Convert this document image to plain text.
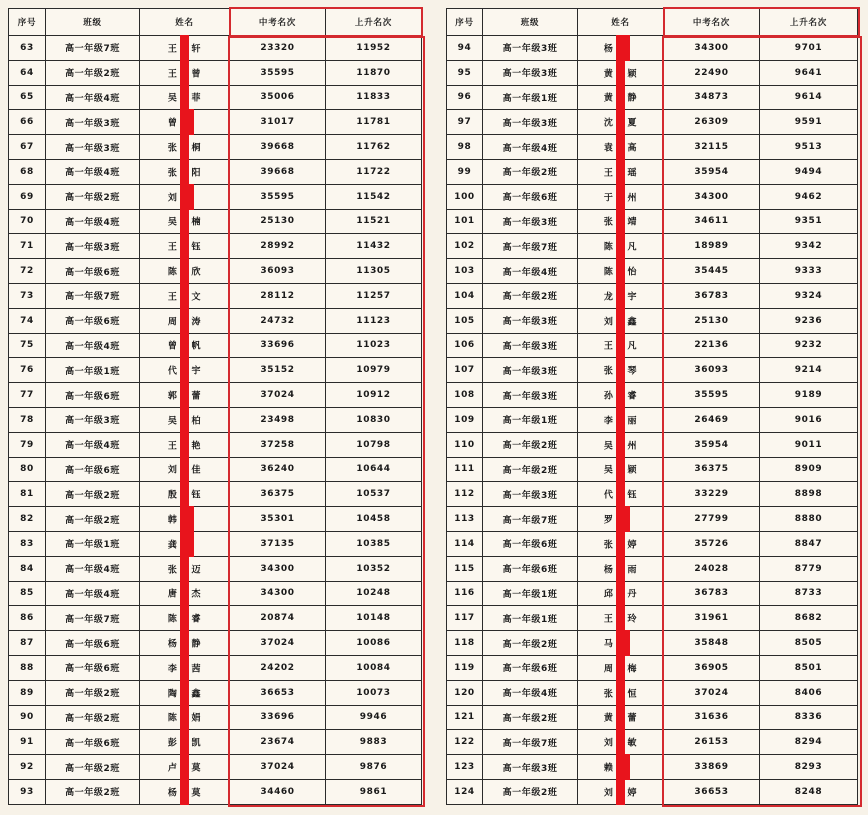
序号	班级	姓名	中考名次	上升名次
63	高一年级7班	王 轩	23320	11952
64	高一年级2班	王 曾	35595	11870
65	高一年级4班	吴 菲	35006	11833
66	高一年级3班	曾	31017	11781
67	高一年级3班	张 桐	39668	11762
68	高一年级4班	张 阳	39668	11722
69	高一年级2班	刘	35595	11542
70	高一年级4班	吴 楠	25130	11521
71	高一年级3班	王 钰	28992	11432
72	高一年级6班	陈 欣	36093	11305
73	高一年级7班	王 文	28112	11257
74	高一年级6班	周 涛	24732	11123
75	高一年级4班	曾 帆	33696	11023
76	高一年级1班	代 宇	35152	10979
77	高一年级6班	郭 蕾	37024	10912
78	高一年级3班	吴 柏	23498	10830
79	高一年级4班	王 艳	37258	10798
80	高一年级6班	刘 佳	36240	10644
81	高一年级2班	殷 钰	36375	10537
82	高一年级2班	韩	35301	10458
83	高一年级1班	龚	37135	10385
84	高一年级4班	张 迈	34300	10352
85	高一年级4班	唐 杰	34300	10248
86	高一年级7班	陈 睿	20874	10148
87	高一年级6班	杨 静	37024	10086
88	高一年级6班	李 茜	24202	10084
89	高一年级2班	陶 鑫	36653	10073
90	高一年级2班	陈 娟	33696	9946
91	高一年级6班	彭 凯	23674	9883
92	高一年级2班	卢 莫	37024	9876
93	高一年级2班	杨 莫	34460	9861
序号	班级	姓名	中考名次	上升名次
94	高一年级3班	杨	34300	9701
95	高一年级3班	黄 颖	22490	9641
96	高一年级1班	黄 静	34873	9614
97	高一年级3班	沈 夏	26309	9591
98	高一年级4班	袁 高	32115	9513
99	高一年级2班	王 瑶	35954	9494
100	高一年级6班	于 州	34300	9462
101	高一年级3班	张 靖	34611	9351
102	高一年级7班	陈 凡	18989	9342
103	高一年级4班	陈 怡	35445	9333
104	高一年级2班	龙 宇	36783	9324
105	高一年级3班	刘 鑫	25130	9236
106	高一年级3班	王 凡	22136	9232
107	高一年级3班	张 琴	36093	9214
108	高一年级3班	孙 睿	35595	9189
109	高一年级1班	李 丽	26469	9016
110	高一年级2班	吴 州	35954	9011
111	高一年级2班	吴 颖	36375	8909
112	高一年级3班	代 钰	33229	8898
113	高一年级7班	罗	27799	8880
114	高一年级6班	张 婷	35726	8847
115	高一年级6班	杨 雨	24028	8779
116	高一年级1班	邱 丹	36783	8733
117	高一年级1班	王 玲	31961	8682
118	高一年级2班	马	35848	8505
119	高一年级6班	周 梅	36905	8501
120	高一年级4班	张 恒	37024	8406
121	高一年级2班	黄 蕾	31636	8336
122	高一年级7班	刘 敏	26153	8294
123	高一年级3班	赖	33869	8293
124	高一年级2班	刘 婷	36653	8248
